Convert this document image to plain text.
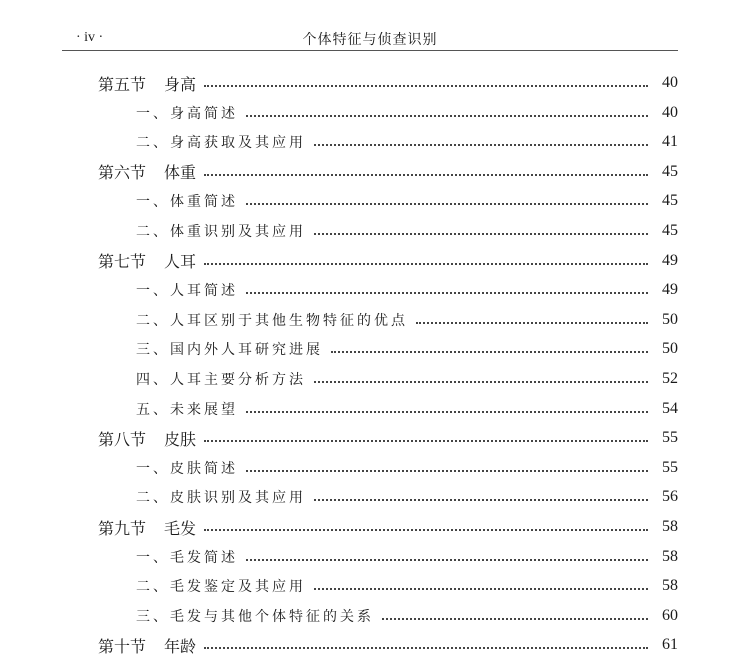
· iv ·	个体特征与侦查识别
第五节 身高	40
一、身高简述	40
二、身高获取及其应用	41
第六节 体重	45
一、体重简述	45
二、体重识别及其应用	45
第七节 人耳	49
一、人耳简述	49
二、人耳区别于其他生物特征的优点	50
三、国内外人耳研究进展	50
四、人耳主要分析方法	52
五、未来展望	54
第八节 皮肤	55
一、皮肤简述	55
二、皮肤识别及其应用	56
第九节 毛发	58
一、毛发简述	58
二、毛发鉴定及其应用	58
三、毛发与其他个体特征的关系	60
第十节 年龄	61
